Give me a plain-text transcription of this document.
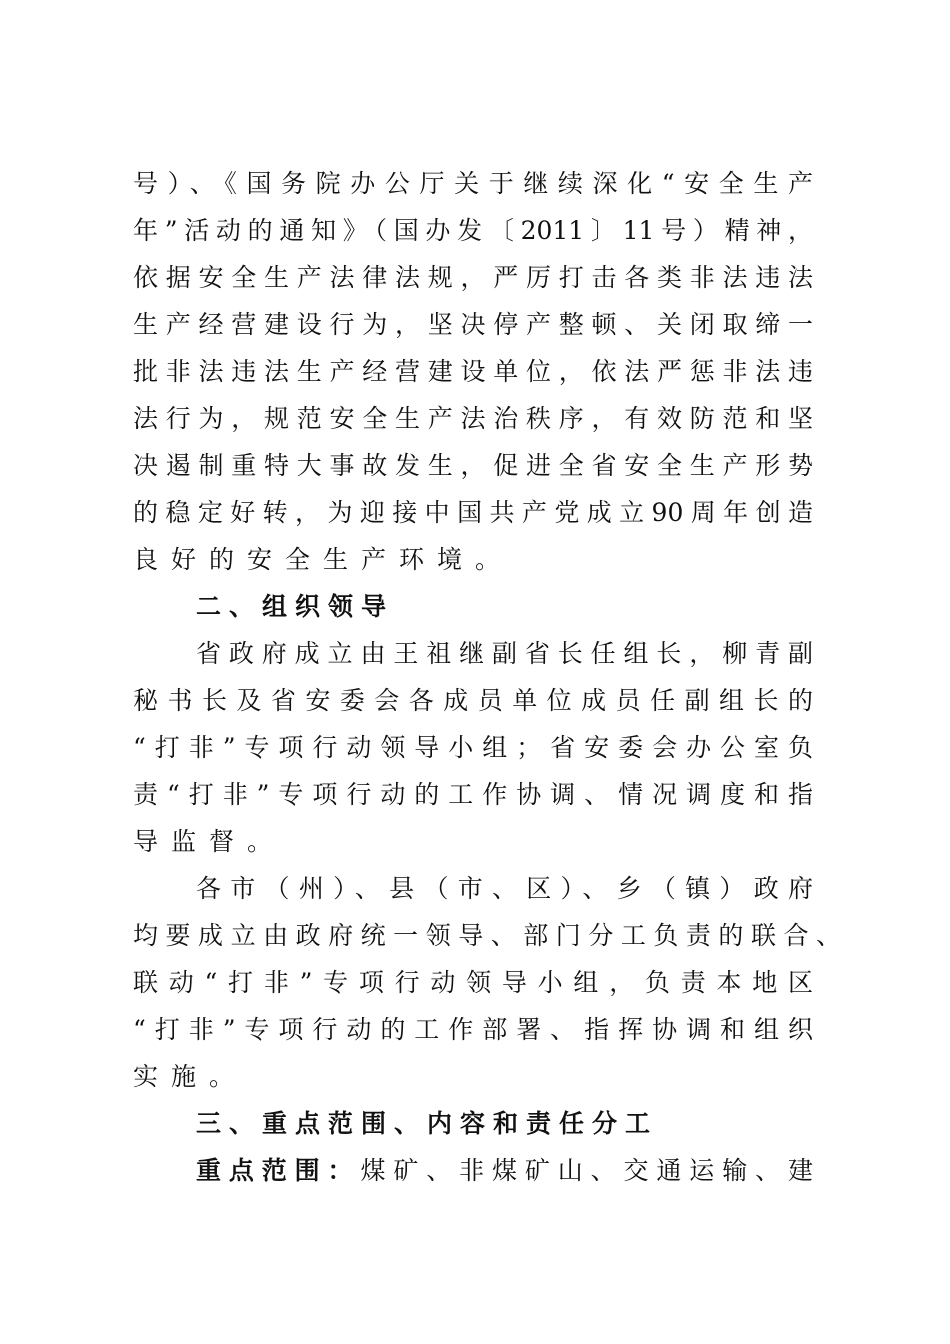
号）、《国务院办公厅关于继续深化“安全生产
年”活动的通知》（国办发〔2011〕11号）精神，
依据安全生产法律法规，严厉打击各类非法违法
生产经营建设行为，坚决停产整顿、关闭取缔一
批非法违法生产经营建设单位，依法严惩非法违
法行为，规范安全生产法治秩序，有效防范和坚
决遏制重特大事故发生，促进全省安全生产形势
的稳定好转，为迎接中国共产党成立90周年创造
良好的安全生产环境。
二、组织领导
省政府成立由王祖继副省长任组长，柳青副
秘书长及省安委会各成员单位成员任副组长的
“打非”专项行动领导小组；省安委会办公室负
责“打非”专项行动的工作协调、情况调度和指
导监督。
各市（州）、县（市、区）、乡（镇）政府
均要成立由政府统一领导、部门分工负责的联合、
联动“打非”专项行动领导小组，负责本地区
“打非”专项行动的工作部署、指挥协调和组织
实施。
三、重点范围、内容和责任分工
重点范围：煤矿、非煤矿山、交通运输、建
